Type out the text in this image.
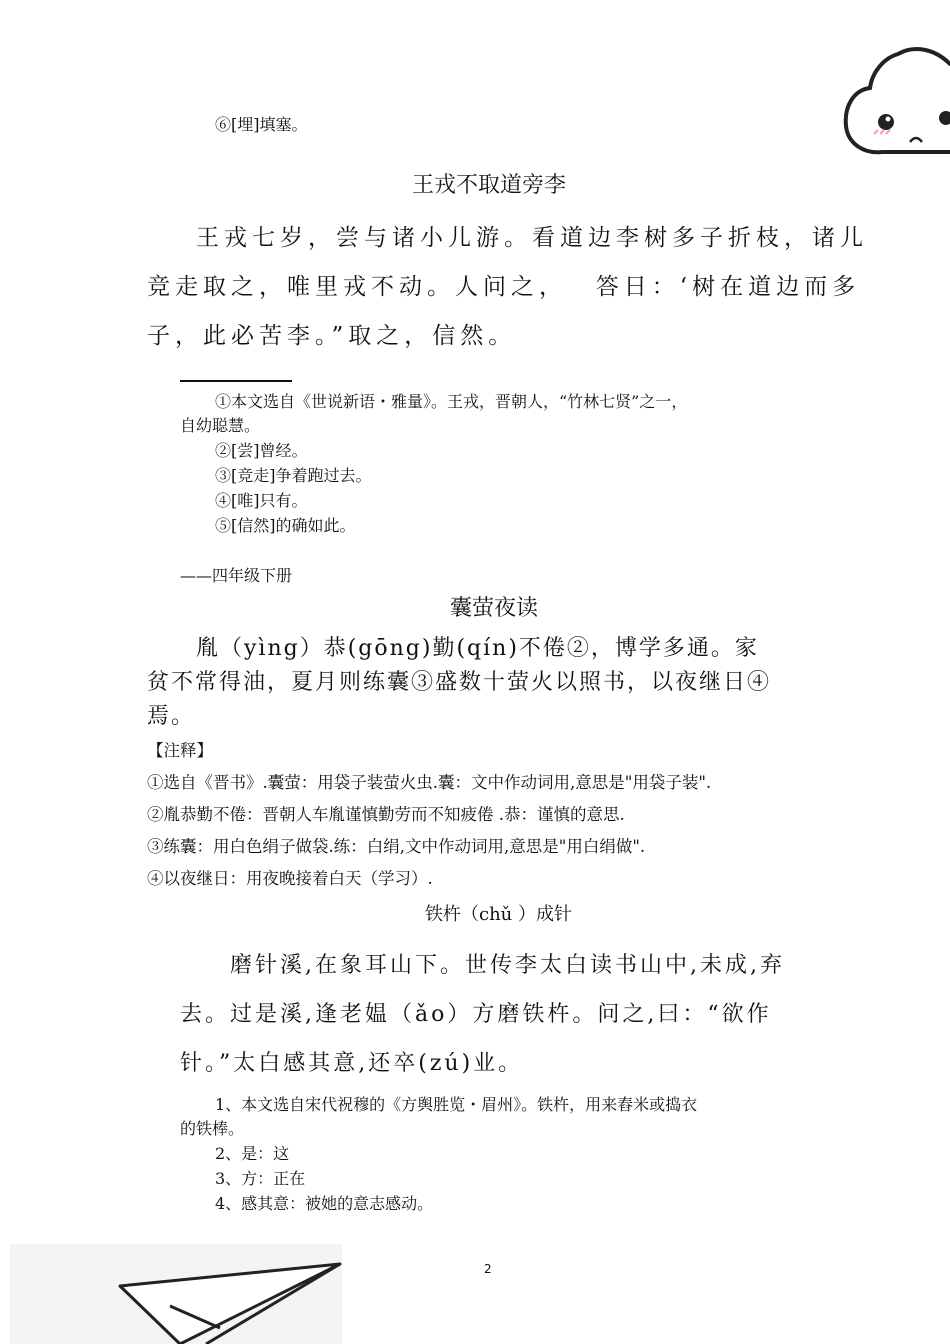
⑥[埋]填塞。
王戎不取道旁李
王戎七岁，尝与诸小儿游。看道边李树多子折枝，诸儿
竞走取之，唯里戎不动。人问之，　 答日：‘树在道边而多
子，此必苦李。”取之，信然。
①本文选自《世说新语・雅量》。王戎，晋朝人，“竹林七贤”之一，
自幼聪慧。
②[尝]曾经。
③[竞走]争着跑过去。
④[唯]只有。
⑤[信然]的确如此。
——四年级下册
囊萤夜读
胤（yìng）恭(gōng)勤(qín)不倦②，博学多通。家
贫不常得油，夏月则练囊③盛数十萤火以照书，以夜继日④
焉。
【注释】
①选自《晋书》.囊萤：用袋子装萤火虫.囊：文中作动词用,意思是"用袋子装".
②胤恭勤不倦：晋朝人车胤谨慎勤劳而不知疲倦 .恭：谨慎的意思.
③练囊：用白色绢子做袋.练：白绢,文中作动词用,意思是"用白绢做".
④以夜继日：用夜晚接着白天（学习）.
铁杵（chǔ ）成针
磨针溪,在象耳山下。世传李太白读书山中,未成,弃
去。过是溪,逢老媪（ǎo）方磨铁杵。问之,曰：“欲作
针。”太白感其意,还卒(zú)业。
1、本文选自宋代祝穆的《方舆胜览・眉州》。铁杵，用来舂米或捣衣
的铁棒。
2、是：这
3、方：正在
4、感其意：被她的意志感动。
2
